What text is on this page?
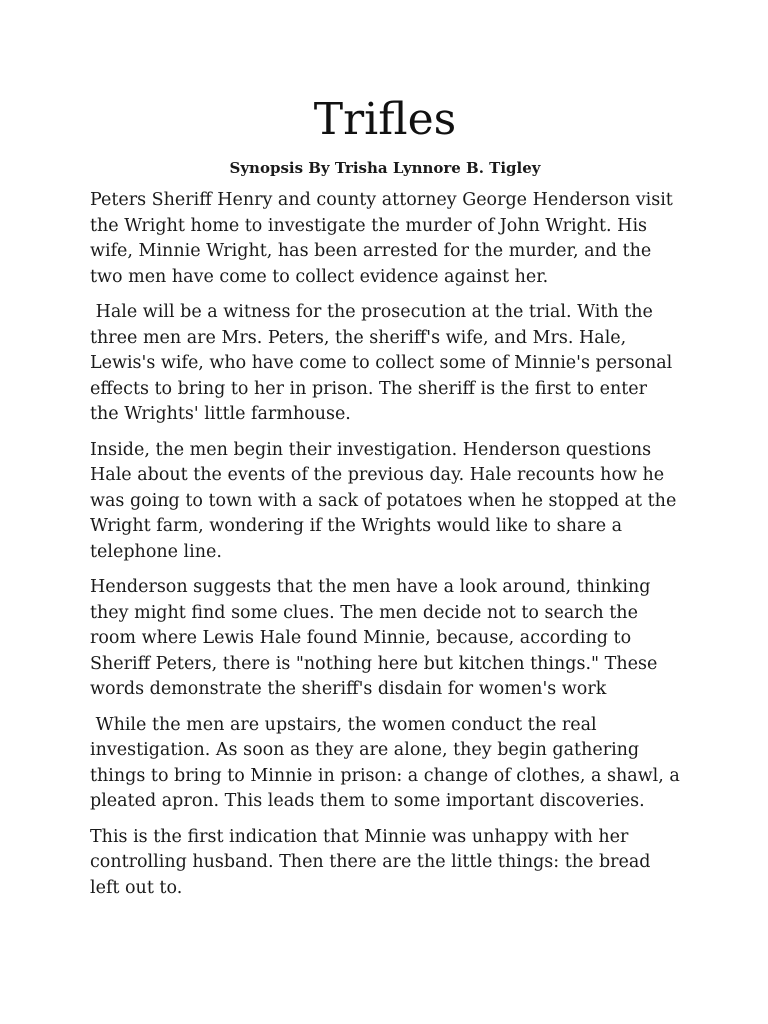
Trifles
Synopsis By Trisha Lynnore B. Tigley

Peters Sheriff Henry and county attorney George Henderson visit the Wright home to investigate the murder of John Wright. His wife, Minnie Wright, has been arrested for the murder, and the two men have come to collect evidence against her.

Hale will be a witness for the prosecution at the trial. With the three men are Mrs. Peters, the sheriff's wife, and Mrs. Hale, Lewis's wife, who have come to collect some of Minnie's personal effects to bring to her in prison. The sheriff is the first to enter the Wrights' little farmhouse.

Inside, the men begin their investigation. Henderson questions Hale about the events of the previous day. Hale recounts how he was going to town with a sack of potatoes when he stopped at the Wright farm, wondering if the Wrights would like to share a telephone line.

Henderson suggests that the men have a look around, thinking they might find some clues. The men decide not to search the room where Lewis Hale found Minnie, because, according to Sheriff Peters, there is "nothing here but kitchen things." These words demonstrate the sheriff's disdain for women's work

While the men are upstairs, the women conduct the real investigation. As soon as they are alone, they begin gathering things to bring to Minnie in prison: a change of clothes, a shawl, a pleated apron. This leads them to some important discoveries.

This is the first indication that Minnie was unhappy with her controlling husband. Then there are the little things: the bread left out to.
